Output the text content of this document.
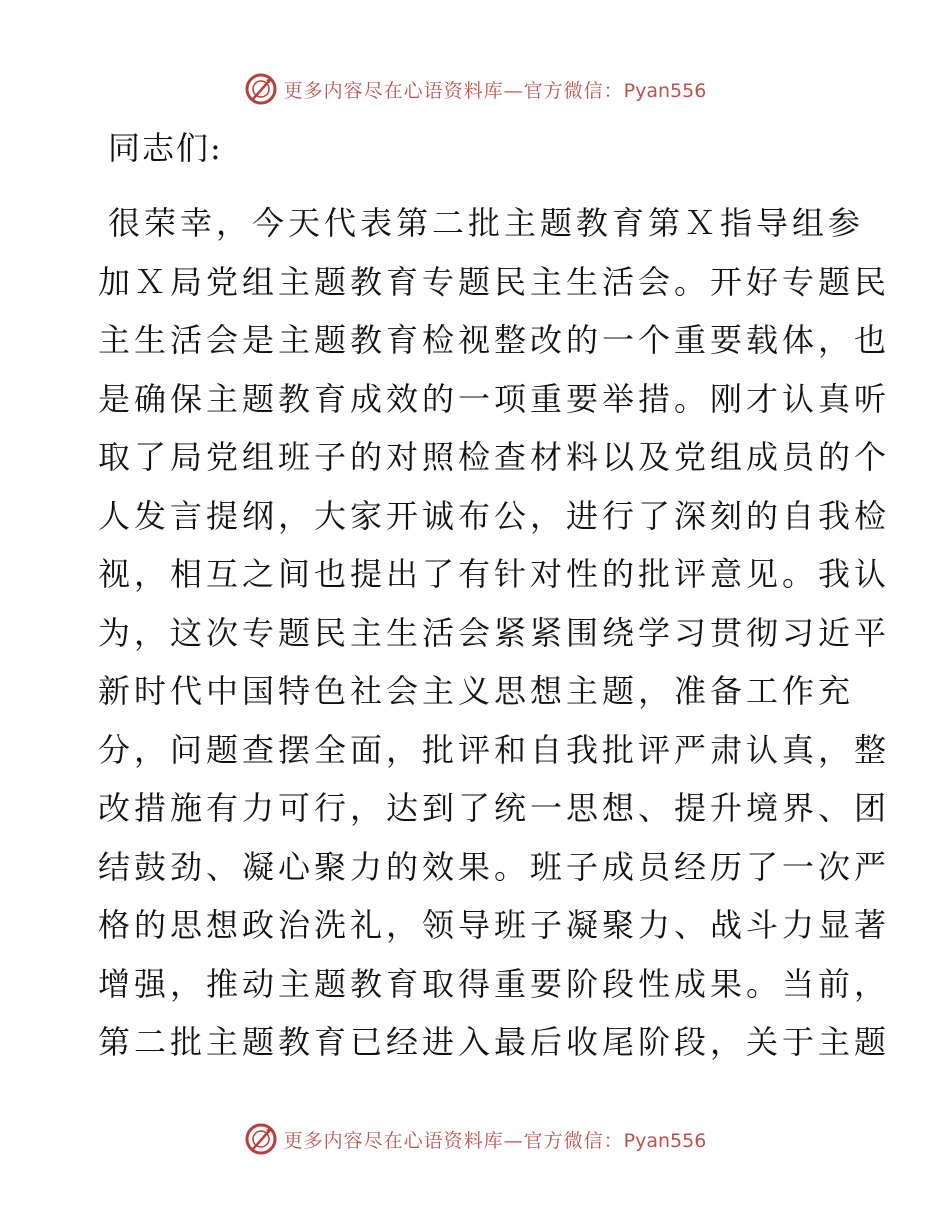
更多内容尽在心语资料库—官方微信：Pyan556

同志们:

很荣幸，今天代表第二批主题教育第Ｘ指导组参
加Ｘ局党组主题教育专题民主生活会。开好专题民
主生活会是主题教育检视整改的一个重要载体，也
是确保主题教育成效的一项重要举措。刚才认真听
取了局党组班子的对照检查材料以及党组成员的个
人发言提纲，大家开诚布公，进行了深刻的自我检
视，相互之间也提出了有针对性的批评意见。我认
为，这次专题民主生活会紧紧围绕学习贯彻习近平
新时代中国特色社会主义思想主题，准备工作充
分，问题查摆全面，批评和自我批评严肃认真，整
改措施有力可行，达到了统一思想、提升境界、团
结鼓劲、凝心聚力的效果。班子成员经历了一次严
格的思想政治洗礼，领导班子凝聚力、战斗力显著
增强，推动主题教育取得重要阶段性成果。当前，
第二批主题教育已经进入最后收尾阶段，关于主题
更多内容尽在心语资料库—官方微信：Pyan556
